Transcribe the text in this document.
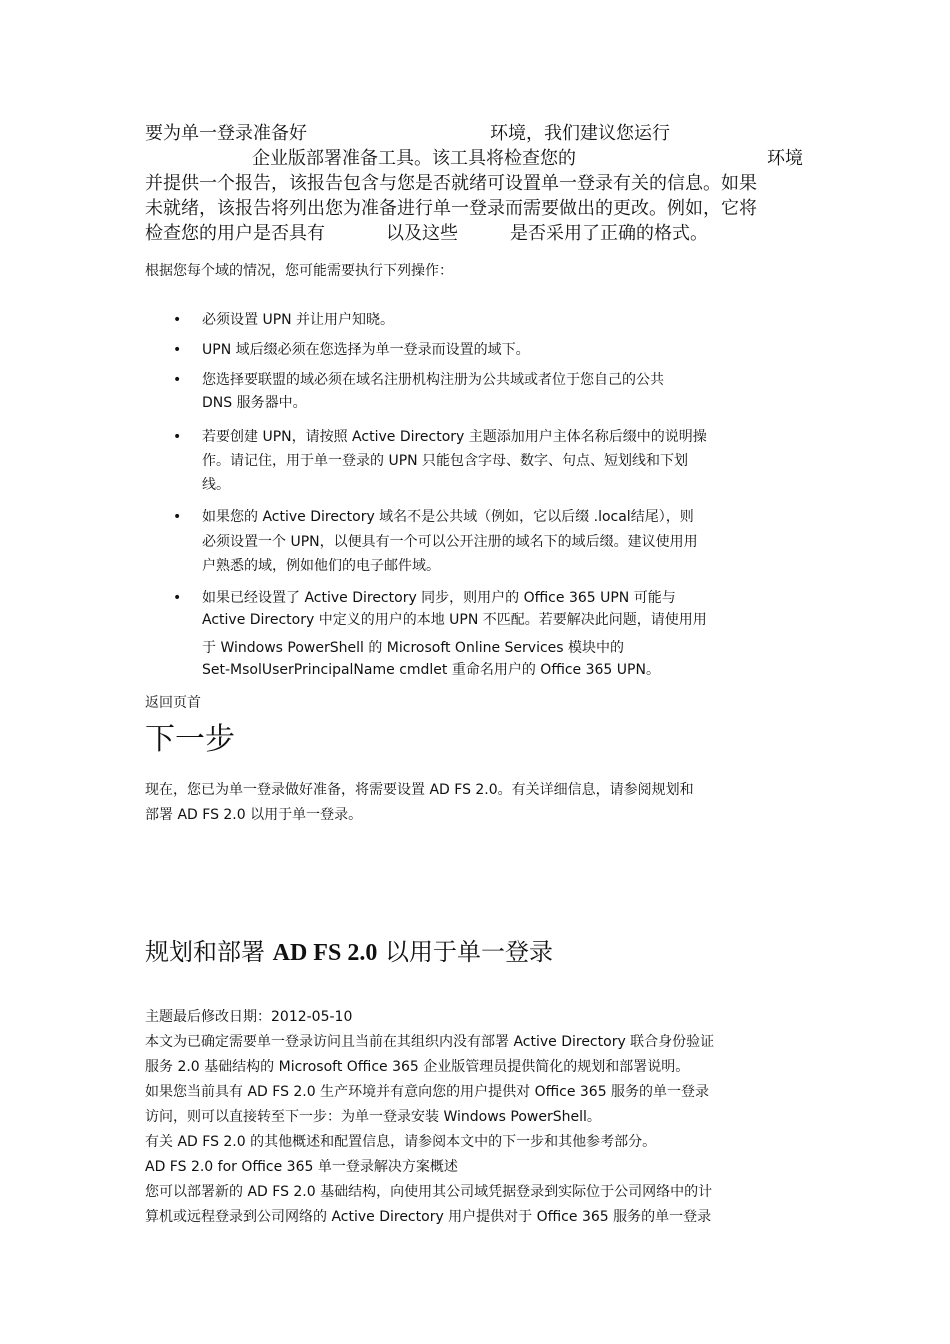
要为单一登录准备好	环境，我们建议您运行
企业版部署准备工具。该工具将检查您的	环境
并提供一个报告，该报告包含与您是否就绪可设置单一登录有关的信息。如果
未就绪，该报告将列出您为准备进行单一登录而需要做出的更改。例如，它将
检查您的用户是否具有	以及这些	是否采用了正确的格式。
根据您每个域的情况，您可能需要执行下列操作：
• 必须设置 UPN 并让用户知晓。
• UPN 域后缀必须在您选择为单一登录而设置的域下。
• 您选择要联盟的域必须在域名注册机构注册为公共域或者位于您自己的公共
DNS 服务器中。
• 若要创建 UPN，请按照 Active Directory 主题添加用户主体名称后缀中的说明操
作。请记住，用于单一登录的 UPN 只能包含字母、数字、句点、短划线和下划
线。
• 如果您的 Active Directory 域名不是公共域（例如，它以后缀 .local结尾），则
必须设置一个 UPN，以便具有一个可以公开注册的域名下的域后缀。建议使用用
户熟悉的域，例如他们的电子邮件域。
• 如果已经设置了 Active Directory 同步，则用户的 Office 365 UPN 可能与
Active Directory 中定义的用户的本地 UPN 不匹配。若要解决此问题，请使用用
于 Windows PowerShell 的 Microsoft Online Services 模块中的
Set-MsolUserPrincipalName cmdlet 重命名用户的 Office 365 UPN。
返回页首
下一步
现在，您已为单一登录做好准备，将需要设置 AD FS 2.0。有关详细信息，请参阅规划和
部署 AD FS 2.0 以用于单一登录。
规划和部署 AD FS 2.0 以用于单一登录
主题最后修改日期：2012-05-10
本文为已确定需要单一登录访问且当前在其组织内没有部署 Active Directory 联合身份验证
服务 2.0 基础结构的 Microsoft Office 365 企业版管理员提供简化的规划和部署说明。
如果您当前具有 AD FS 2.0 生产环境并有意向您的用户提供对 Office 365 服务的单一登录
访问，则可以直接转至下一步：为单一登录安装 Windows PowerShell。
有关 AD FS 2.0 的其他概述和配置信息，请参阅本文中的下一步和其他参考部分。
AD FS 2.0 for Office 365 单一登录解决方案概述
您可以部署新的 AD FS 2.0 基础结构，向使用其公司域凭据登录到实际位于公司网络中的计
算机或远程登录到公司网络的 Active Directory 用户提供对于 Office 365 服务的单一登录
